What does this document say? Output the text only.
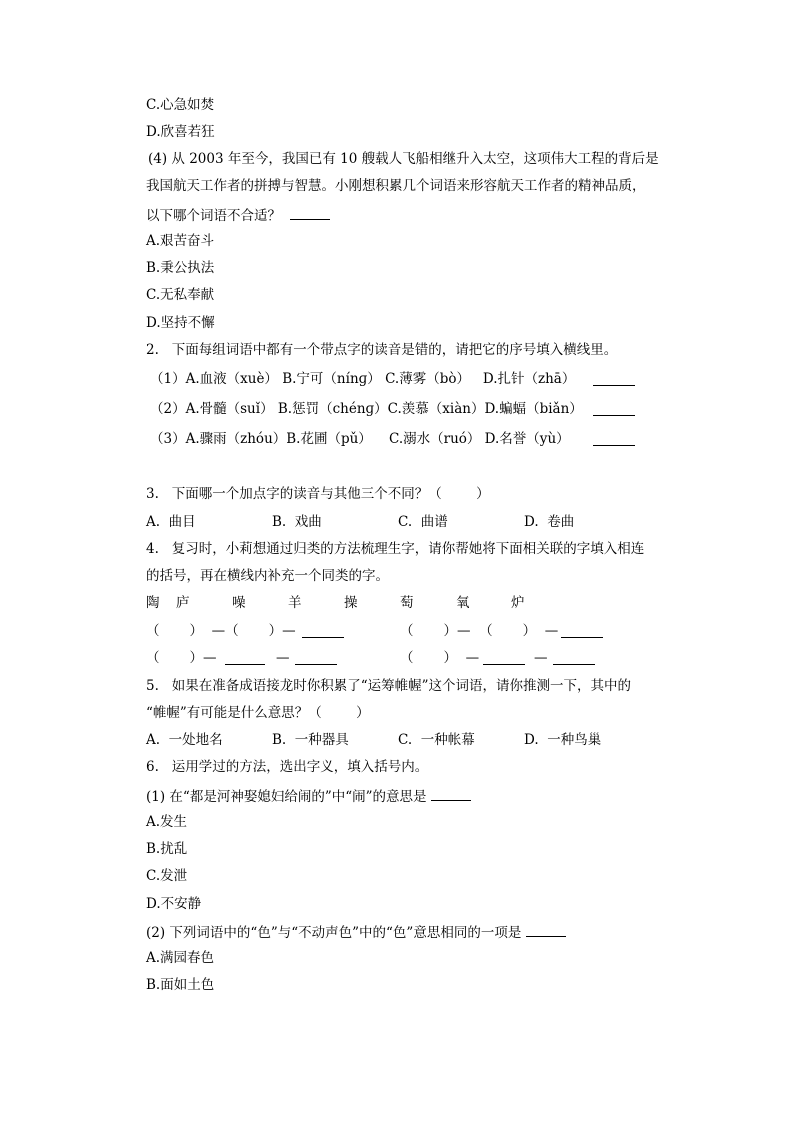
C.心急如焚
D.欣喜若狂
(4) 从 2003 年至今，我国已有 10 艘载人飞船相继升入太空，这项伟大工程的背后是
我国航天工作者的拼搏与智慧。小刚想积累几个词语来形容航天工作者的精神品质，
以下哪个词语不合适？
A.艰苦奋斗
B.秉公执法
C.无私奉献
D.坚持不懈
2.   下面每组词语中都有一个带点字的读音是错的，请把它的序号填入横线里。
（1）A.血液（xuè） B.宁可（nínɡ） C.薄雾（bò）   D.扎针（zhā）
（2）A.骨髓（suǐ） B.惩罚（chénɡ）C.羡慕（xiàn）D.蝙蝠（biǎn）
（3）A.骤雨（zhóu）B.花圃（pǔ）    C.溺水（ruó） D.名誉（yù）
3.   下面哪一个加点字的读音与其他三个不同？（        ）
A.  曲目	B.  戏曲	C.  曲谱	D.  卷曲
4.   复习时，小莉想通过归类的方法梳理生字，请你帮她将下面相关联的字填入相连
的括号，再在横线内补充一个同类的字。
陶 庐	噪	羊	操	萄	氧	炉
（       ）  —（       ）—	（       ）—  （       ）  —
（       ）—	—	（       ）  —	—
5.   如果在准备成语接龙时你积累了“运筹帷幄”这个词语，请你推测一下，其中的
“帷幄”有可能是什么意思？（        ）
A.  一处地名	B.  一种器具	C.  一种帐幕	D.  一种鸟巢
6.   运用学过的方法，选出字义，填入括号内。
(1) 在“都是河神娶媳妇给闹的”中“闹”的意思是
A.发生
B.扰乱
C.发泄
D.不安静
(2) 下列词语中的“色”与“不动声色”中的“色”意思相同的一项是
A.满园春色
B.面如土色
